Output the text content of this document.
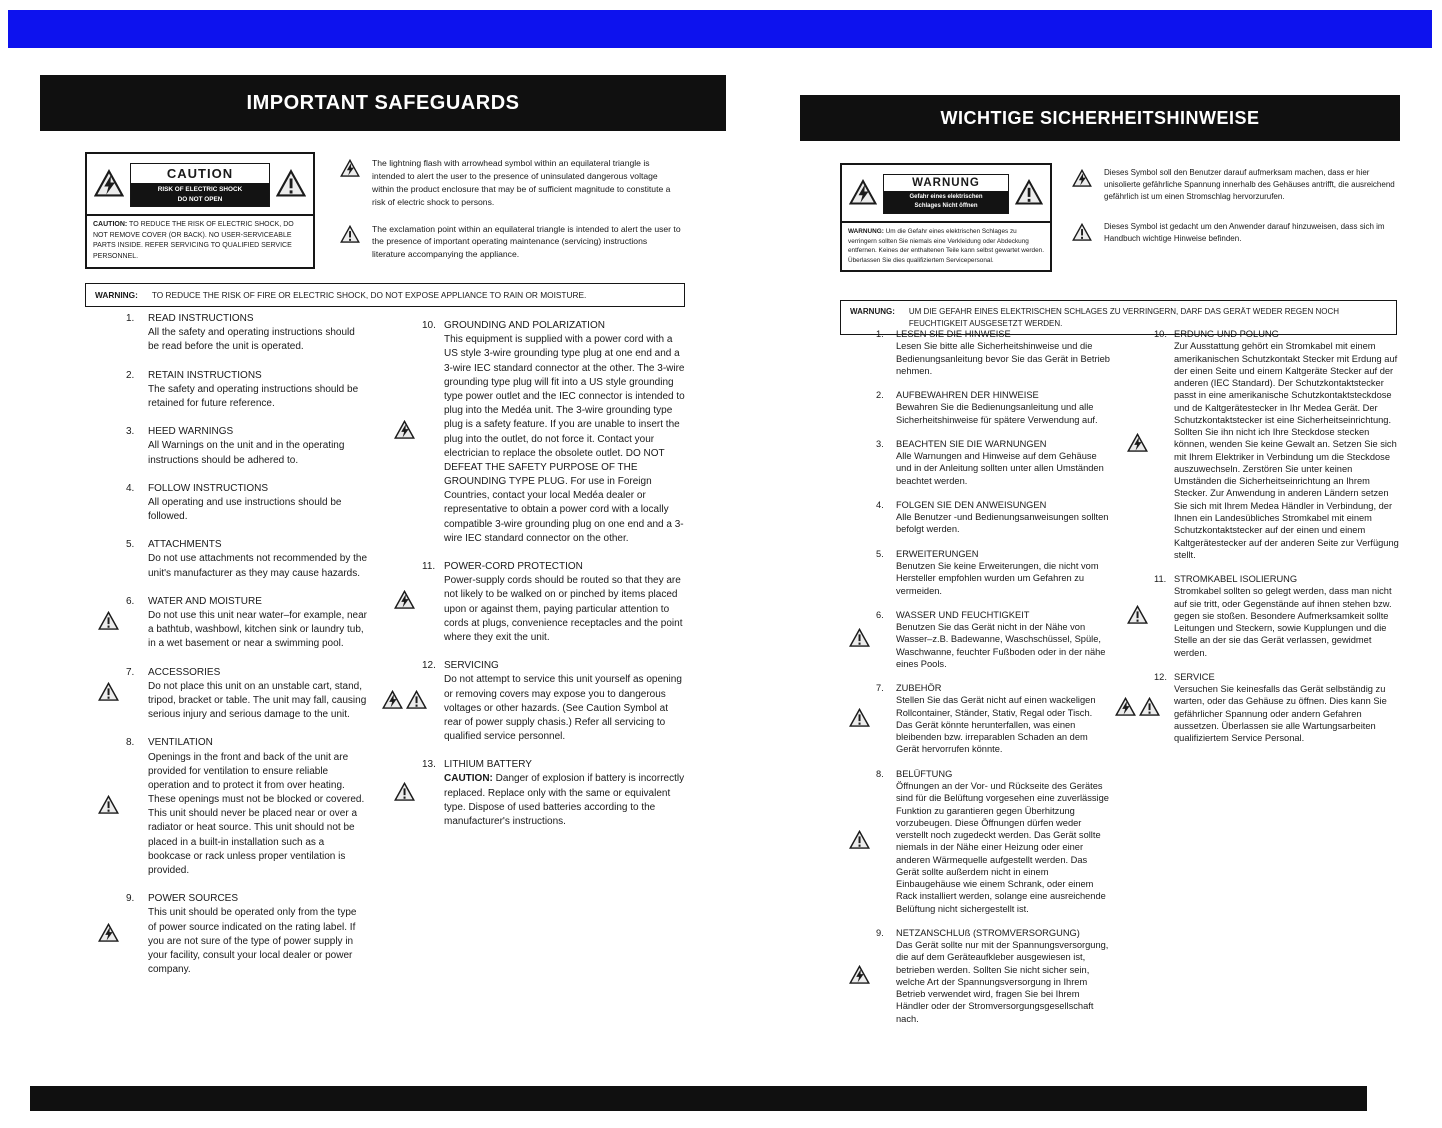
IMPORTANT SAFEGUARDS
CAUTION
RISK OF ELECTRIC SHOCK
DO NOT OPEN
CAUTION: TO REDUCE THE RISK OF ELECTRIC SHOCK, DO NOT REMOVE COVER (OR BACK). NO USER-SERVICEABLE PARTS INSIDE. REFER SERVICING TO QUALIFIED SERVICE PERSONNEL.
The lightning flash with arrowhead symbol within an equilateral triangle is intended to alert the user to the presence of uninsulated dangerous voltage within the product enclosure that may be of sufficient magnitude to constitute a risk of electric shock to persons.
The exclamation point within an equilateral triangle is intended to alert the user to the presence of important operating maintenance (servicing) instructions literature accompanying the appliance.
WARNING: TO REDUCE THE RISK OF FIRE OR ELECTRIC SHOCK, DO NOT EXPOSE APPLIANCE TO RAIN OR MOISTURE.
1.	READ INSTRUCTIONS
All the safety and operating instructions should be read before the unit is operated.
2.	RETAIN INSTRUCTIONS
The safety and operating instructions should be retained for future reference.
3.	HEED WARNINGS
All Warnings on the unit and in the operating instructions should be adhered to.
4.	FOLLOW INSTRUCTIONS
All operating and use instructions should be followed.
5.	ATTACHMENTS
Do not use attachments not recommended by the unit's manufacturer as they may cause hazards.
6.	WATER AND MOISTURE
Do not use this unit near water–for example, near a bathtub, washbowl, kitchen sink or laundry tub, in a wet basement or near a swimming pool.
7.	ACCESSORIES
Do not place this unit on an unstable cart, stand, tripod, bracket or table. The unit may fall, causing serious injury and serious damage to the unit.
8.	VENTILATION
Openings in the front and back of the unit are provided for ventilation to ensure reliable operation and to protect it from over heating. These openings must not be blocked or covered. This unit should never be placed near or over a radiator or heat source. This unit should not be placed in a built-in installation such as a bookcase or rack unless proper ventilation is provided.
9.	POWER SOURCES
This unit should be operated only from the type of power source indicated on the rating label. If you are not sure of the type of power supply in your facility, consult your local dealer or power company.
10. GROUNDING AND POLARIZATION
This equipment is supplied with a power cord with a US style 3-wire grounding type plug at one end and a 3-wire IEC standard connector at the other. The 3-wire grounding type plug will fit into a US style grounding type power outlet and the IEC connector is intended to plug into the Medéa unit. The 3-wire grounding type plug is a safety feature. If you are unable to insert the plug into the outlet, do not force it. Contact your electrician to replace the obsolete outlet. DO NOT DEFEAT THE SAFETY PURPOSE OF THE GROUNDING TYPE PLUG. For use in Foreign Countries, contact your local Medéa dealer or representative to obtain a power cord with a locally compatible 3-wire grounding plug on one end and a 3-wire IEC standard connector on the other.
11. POWER-CORD PROTECTION
Power-supply cords should be routed so that they are not likely to be walked on or pinched by items placed upon or against them, paying particular attention to cords at plugs, convenience receptacles and the point where they exit the unit.
12. SERVICING
Do not attempt to service this unit yourself as opening or removing covers may expose you to dangerous voltages or other hazards. (See Caution Symbol at rear of power supply chasis.) Refer all servicing to qualified service personnel.
13. LITHIUM BATTERY
CAUTION: Danger of explosion if battery is incorrectly replaced. Replace only with the same or equivalent type. Dispose of used batteries according to the manufacturer's instructions.
WICHTIGE SICHERHEITSHINWEISE
WARNUNG
Gefahr eines elektrischen
Schlages Nicht öffnen
WARNUNG: Um die Gefahr eines elektrischen Schlages zu verringern sollten Sie niemals eine Verkleidung oder Abdeckung entfernen. Keines der enthaltenen Teile kann selbst gewartet werden. Überlassen Sie dies qualifiziertem Servicepersonal.
Dieses Symbol soll den Benutzer darauf aufmerksam machen, dass er hier unisolierte gefährliche Spannung innerhalb des Gehäuses antrifft, die ausreichend gefährlich ist um einen Stromschlag hervorzurufen.
Dieses Symbol ist gedacht um den Anwender darauf hinzuweisen, dass sich im Handbuch wichtige Hinweise befinden.
WARNUNG: UM DIE GEFAHR EINES ELEKTRISCHEN SCHLAGES ZU VERRINGERN, DARF DAS GERÄT WEDER REGEN NOCH FEUCHTIGKEIT AUSGESETZT WERDEN.
1.	LESEN SIE DIE HINWEISE
Lesen Sie bitte alle Sicherheitshinweise und die Bedienungsanleitung bevor Sie das Gerät in Betrieb nehmen.
2.	AUFBEWAHREN DER HINWEISE
Bewahren Sie die Bedienungsanleitung und alle Sicherheitshinweise für spätere Verwendung auf.
3.	BEACHTEN SIE DIE WARNUNGEN
Alle Warnungen and Hinweise auf dem Gehäuse und in der Anleitung sollten unter allen Umständen beachtet werden.
4.	FOLGEN SIE DEN ANWEISUNGEN
Alle Benutzer -und Bedienungsanweisungen sollten befolgt werden.
5.	ERWEITERUNGEN
Benutzen Sie keine Erweiterungen, die nicht vom Hersteller empfohlen wurden um Gefahren zu vermeiden.
6.	WASSER UND FEUCHTIGKEIT
Benutzen Sie das Gerät nicht in der Nähe von Wasser–z.B. Badewanne, Waschschüssel, Spüle, Waschwanne, feuchter Fußboden oder in der nähe eines Pools.
7.	ZUBEHÖR
Stellen Sie das Gerät nicht auf einen wackeligen Rollcontainer, Ständer, Stativ, Regal oder Tisch. Das Gerät könnte herunterfallen, was einen bleibenden bzw. irreparablen Schaden an dem Gerät hervorrufen könnte.
8.	BELÜFTUNG
Öffnungen an der Vor- und Rückseite des Gerätes sind für die Belüftung vorgesehen eine zuverlässige Funktion zu garantieren gegen Überhitzung vorzubeugen. Diese Öffnungen dürfen weder verstellt noch zugedeckt werden. Das Gerät sollte niemals in der Nähe einer Heizung oder einer anderen Wärmequelle aufgestellt werden. Das Gerät sollte außerdem nicht in einem Einbaugehäuse wie einem Schrank, oder einem Rack installiert werden, solange eine ausreichende Belüftung nicht sichergestellt ist.
9.	NETZANSCHLUß (STROMVERSORGUNG)
Das Gerät sollte nur mit der Spannungsversorgung, die auf dem Geräteaufkleber ausgewiesen ist, betrieben werden. Sollten Sie nicht sicher sein, welche Art der Spannungsversorgung in Ihrem Betrieb verwendet wird, fragen Sie bei Ihrem Händler oder der Stromversorgungsgesellschaft nach.
10. ERDUNG UND POLUNG
Zur Ausstattung gehört ein Stromkabel mit einem amerikanischen Schutzkontakt Stecker mit Erdung auf der einen Seite und einem Kaltgeräte Stecker auf der anderen (IEC Standard). Der Schutzkontaktstecker passt in eine amerikanische Schutzkontaktsteckdose und de Kaltgerätestecker in Ihr Medea Gerät. Der Schutzkontaktstecker ist eine Sicherheitseinrichtung. Sollten Sie ihn nicht ich Ihre Steckdose stecken können, wenden Sie keine Gewalt an. Setzen Sie sich mit Ihrem Elektriker in Verbindung um die Steckdose auszuwechseln. Zerstören Sie unter keinen Umständen die Sicherheitseinrichtung an Ihrem Stecker. Zur Anwendung in anderen Ländern setzen Sie sich mit Ihrem Medea Händler in Verbindung, der Ihnen ein Landesübliches Stromkabel mit einem Schutzkontaktstecker auf der einen und einem Kaltgerätestecker auf der anderen Seite zur Verfügung stellt.
11. STROMKABEL ISOLIERUNG
Stromkabel sollten so gelegt werden, dass man nicht auf sie tritt, oder Gegenstände auf ihnen stehen bzw. gegen sie stoßen. Besondere Aufmerksamkeit sollte Leitungen und Steckern, sowie Kupplungen und die Stelle an der sie das Gerät verlassen, gewidmet werden.
12. SERVICE
Versuchen Sie keinesfalls das Gerät selbständig zu warten, oder das Gehäuse zu öffnen. Dies kann Sie gefährlicher Spannung oder andern Gefahren aussetzen. Überlassen sie alle Wartungsarbeiten qualifiziertem Service Personal.
